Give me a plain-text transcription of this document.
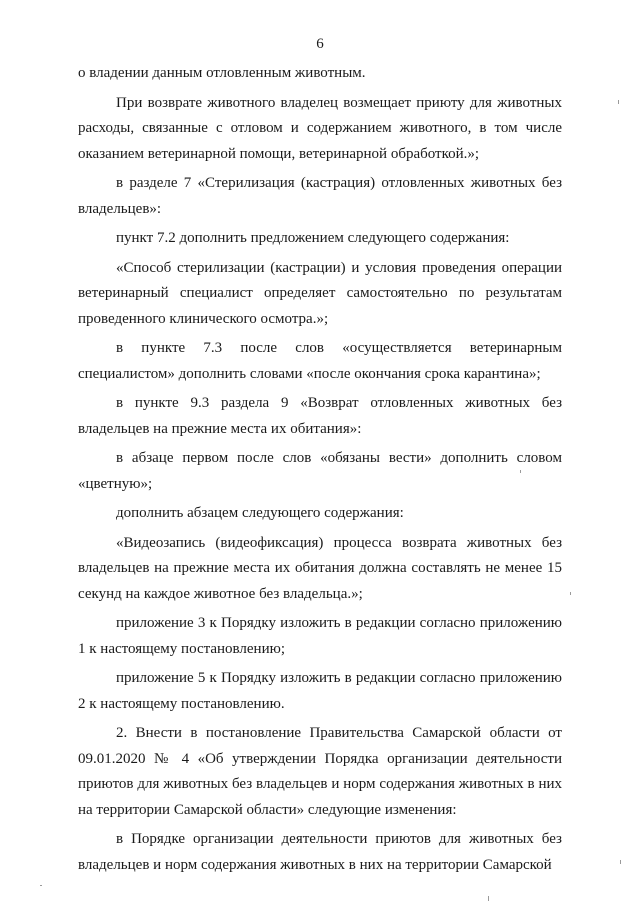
6

о владении данным отловленным животным.

При возврате животного владелец возмещает приюту для животных расходы, связанные с отловом и содержанием животного, в том числе оказанием ветеринарной помощи, ветеринарной обработкой.»;

в разделе 7 «Стерилизация (кастрация) отловленных животных без владельцев»:

пункт 7.2 дополнить предложением следующего содержания:

«Способ стерилизации (кастрации) и условия проведения операции ветеринарный специалист определяет самостоятельно по результатам проведенного клинического осмотра.»;

в пункте 7.3 после слов «осуществляется ветеринарным специалистом» дополнить словами «после окончания срока карантина»;

в пункте 9.3 раздела 9 «Возврат отловленных животных без владельцев на прежние места их обитания»:

в абзаце первом после слов «обязаны вести» дополнить словом «цветную»;

дополнить абзацем следующего содержания:

«Видеозапись (видеофиксация) процесса возврата животных без владельцев на прежние места их обитания должна составлять не менее 15 секунд на каждое животное без владельца.»;

приложение 3 к Порядку изложить в редакции согласно приложению 1 к настоящему постановлению;

приложение 5 к Порядку изложить в редакции согласно приложению 2 к настоящему постановлению.

2. Внести в постановление Правительства Самарской области от 09.01.2020 № 4 «Об утверждении Порядка организации деятельности приютов для животных без владельцев и норм содержания животных в них на территории Самарской области» следующие изменения:

в Порядке организации деятельности приютов для животных без владельцев и норм содержания животных в них на территории Самарской
